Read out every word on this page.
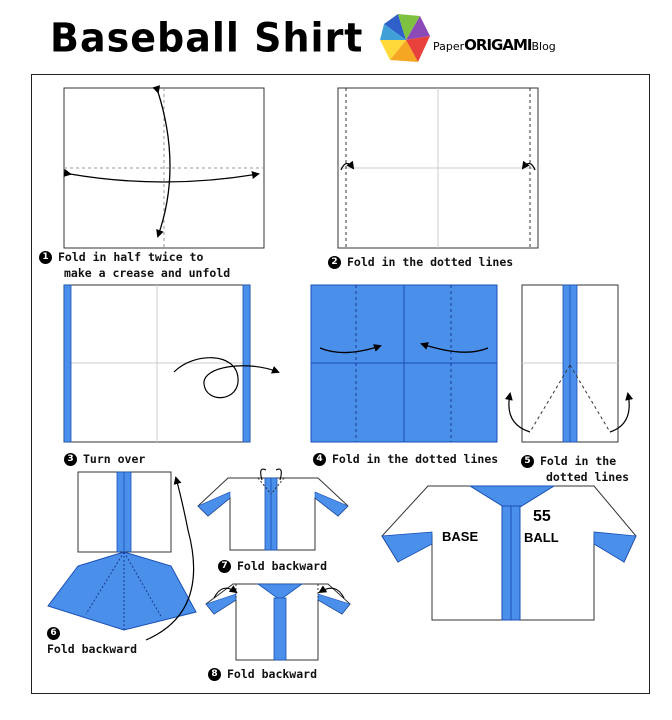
Baseball Shirt	PaperORIGAMIBlog
BASE
55
BALL
1 Fold in half twice to
make a crease and unfold
2 Fold in the dotted lines
3 Turn over	4 Fold in the dotted lines	5 Fold in the
dotted lines
6
Fold backward
7 Fold backward
8 Fold backward
